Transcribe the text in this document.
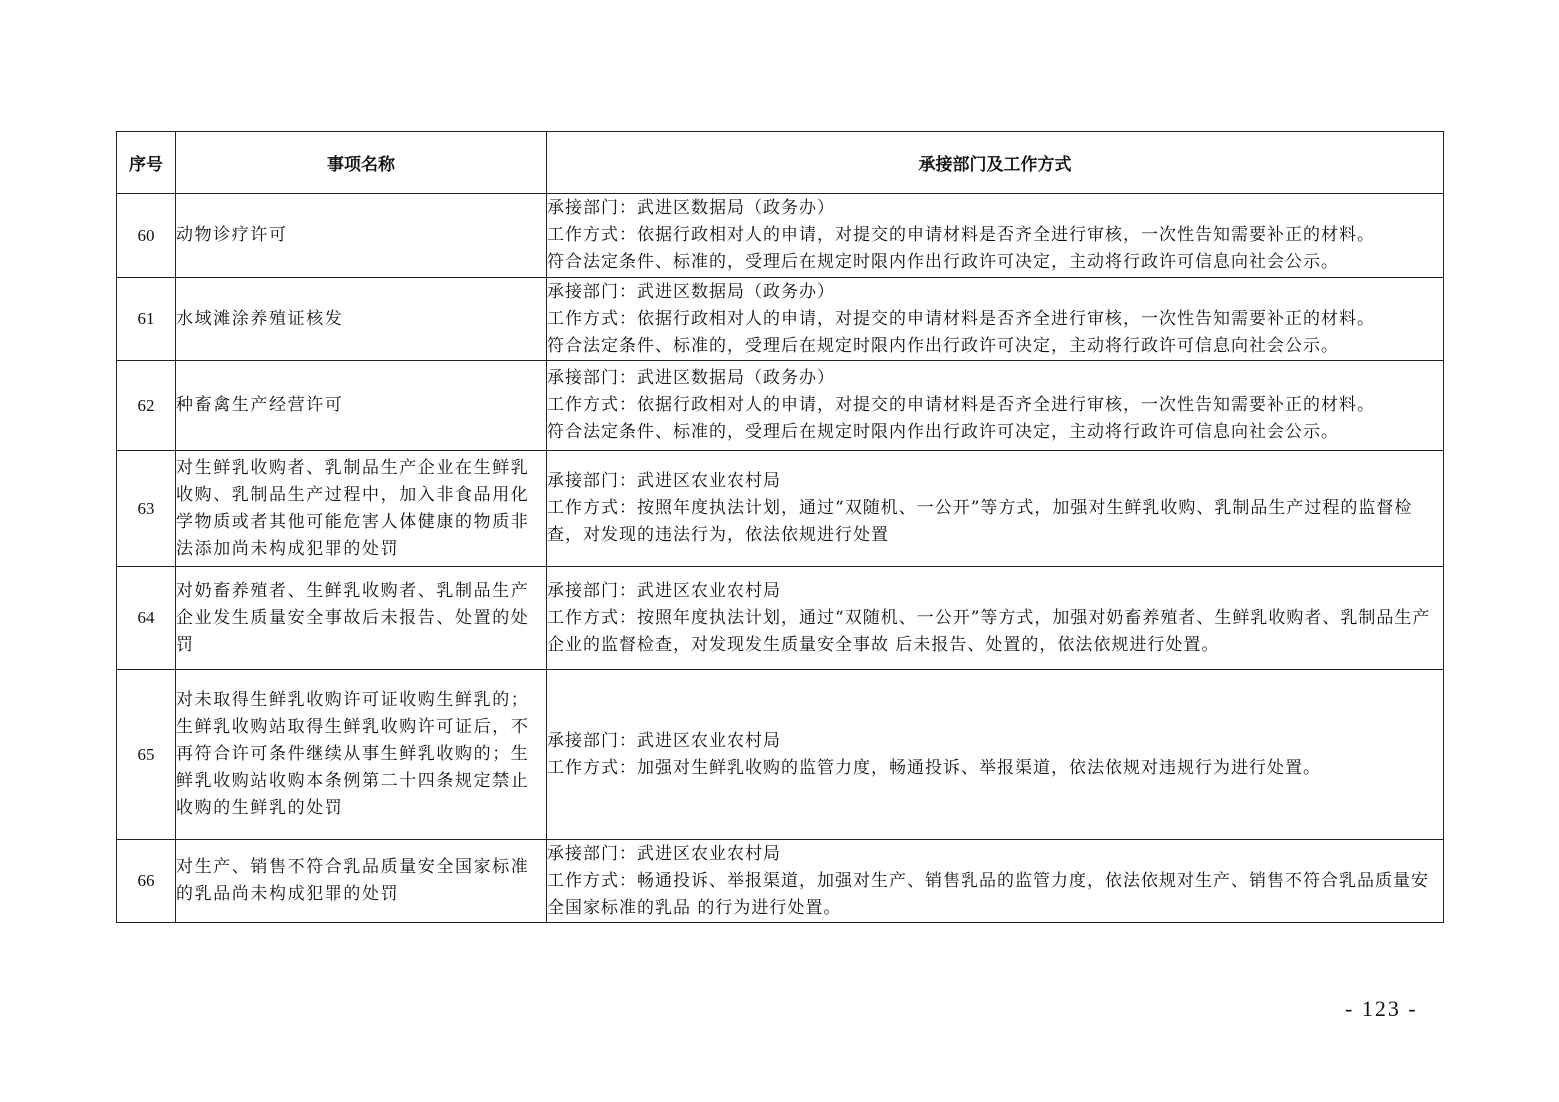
序号	事项名称	承接部门及工作方式
60	动物诊疗许可	承接部门：武进区数据局（政务办）
工作方式：依据行政相对人的申请，对提交的申请材料是否齐全进行审核，一次性告知需要补正的材料。
符合法定条件、标准的，受理后在规定时限内作出行政许可决定，主动将行政许可信息向社会公示。

61	水域滩涂养殖证核发	承接部门：武进区数据局（政务办）
工作方式：依据行政相对人的申请，对提交的申请材料是否齐全进行审核，一次性告知需要补正的材料。
符合法定条件、标准的，受理后在规定时限内作出行政许可决定，主动将行政许可信息向社会公示。

62	种畜禽生产经营许可	承接部门：武进区数据局（政务办）
工作方式：依据行政相对人的申请，对提交的申请材料是否齐全进行审核，一次性告知需要补正的材料。
符合法定条件、标准的，受理后在规定时限内作出行政许可决定，主动将行政许可信息向社会公示。

63	对生鲜乳收购者、乳制品生产企业在生鲜乳收购、乳制品生产过程中，加入非食品用化学物质或者其他可能危害人体健康的物质非法添加尚未构成犯罪的处罚	承接部门：武进区农业农村局
工作方式：按照年度执法计划，通过“双随机、一公开”等方式，加强对生鲜乳收购、乳制品生产过程的监督检查，对发现的违法行为，依法依规进行处置

64	对奶畜养殖者、生鲜乳收购者、乳制品生产企业发生质量安全事故后未报告、处置的处罚	承接部门：武进区农业农村局
工作方式：按照年度执法计划，通过“双随机、一公开”等方式，加强对奶畜养殖者、生鲜乳收购者、乳制品生产企业的监督检查，对发现发生质量安全事故 后未报告、处置的，依法依规进行处置。

65	对未取得生鲜乳收购许可证收购生鲜乳的；生鲜乳收购站取得生鲜乳收购许可证后，不再符合许可条件继续从事生鲜乳收购的；生鲜乳收购站收购本条例第二十四条规定禁止收购的生鲜乳的处罚	承接部门：武进区农业农村局
工作方式：加强对生鲜乳收购的监管力度，畅通投诉、举报渠道，依法依规对违规行为进行处置。

66	对生产、销售不符合乳品质量安全国家标准的乳品尚未构成犯罪的处罚	承接部门：武进区农业农村局
工作方式：畅通投诉、举报渠道，加强对生产、销售乳品的监管力度，依法依规对生产、销售不符合乳品质量安全国家标准的乳品 的行为进行处置。
- 123 -
